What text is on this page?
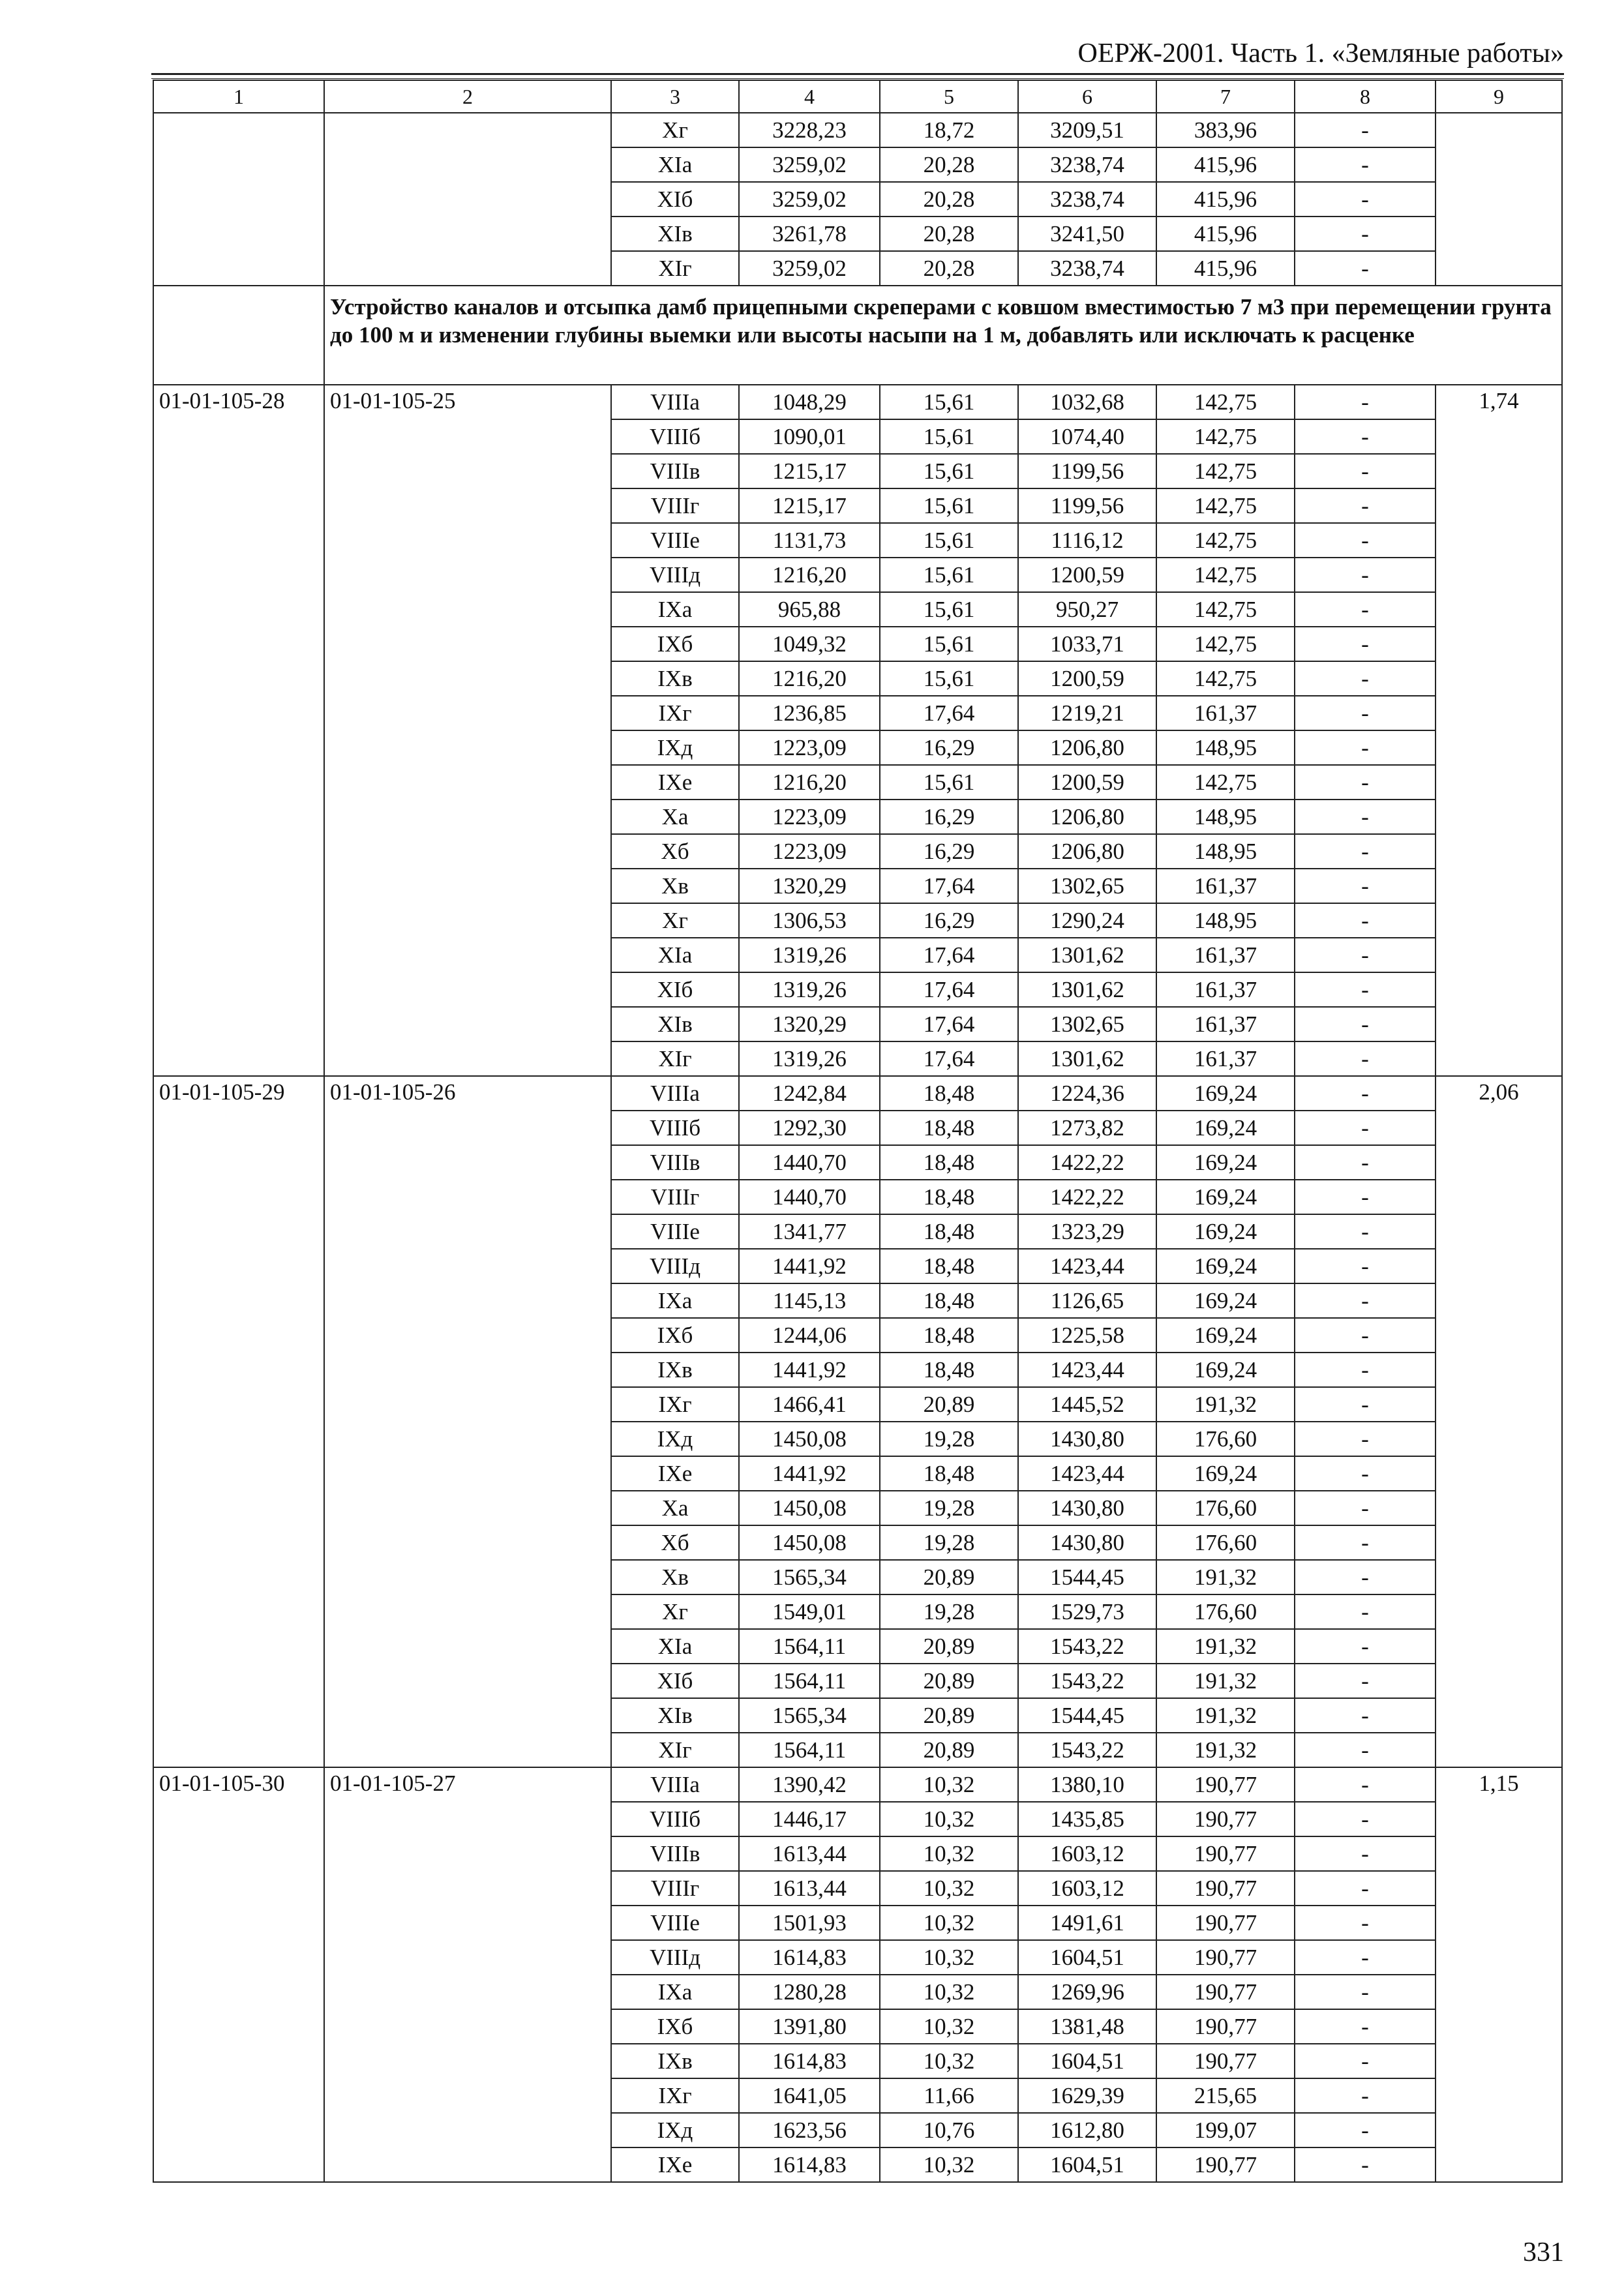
ОЕРЖ-2001. Часть 1. «Земляные работы»
1	2	3	4	5	6	7	8	9
		Xг	3228,23	18,72	3209,51	383,96	-	
		XIа	3259,02	20,28	3238,74	415,96	-	
		XIб	3259,02	20,28	3238,74	415,96	-	
		XIв	3261,78	20,28	3241,50	415,96	-	
		XIг	3259,02	20,28	3238,74	415,96	-	
	Устройство каналов и отсыпка дамб прицепными скреперами с ковшом вместимостью 7 м3 при перемещении грунта до 100 м и изменении глубины выемки или высоты насыпи на 1 м, добавлять или исключать к расценке							
01-01-105-28	01-01-105-25	VIIIа	1048,29	15,61	1032,68	142,75	-	1,74
		VIIIб	1090,01	15,61	1074,40	142,75	-	
		VIIIв	1215,17	15,61	1199,56	142,75	-	
		VIIIг	1215,17	15,61	1199,56	142,75	-	
		VIIIе	1131,73	15,61	1116,12	142,75	-	
		VIIIд	1216,20	15,61	1200,59	142,75	-	
		IXа	965,88	15,61	950,27	142,75	-	
		IXб	1049,32	15,61	1033,71	142,75	-	
		IXв	1216,20	15,61	1200,59	142,75	-	
		IXг	1236,85	17,64	1219,21	161,37	-	
		IXд	1223,09	16,29	1206,80	148,95	-	
		IXе	1216,20	15,61	1200,59	142,75	-	
		Xа	1223,09	16,29	1206,80	148,95	-	
		Xб	1223,09	16,29	1206,80	148,95	-	
		Xв	1320,29	17,64	1302,65	161,37	-	
		Xг	1306,53	16,29	1290,24	148,95	-	
		XIа	1319,26	17,64	1301,62	161,37	-	
		XIб	1319,26	17,64	1301,62	161,37	-	
		XIв	1320,29	17,64	1302,65	161,37	-	
		XIг	1319,26	17,64	1301,62	161,37	-	
01-01-105-29	01-01-105-26	VIIIа	1242,84	18,48	1224,36	169,24	-	2,06
		VIIIб	1292,30	18,48	1273,82	169,24	-	
		VIIIв	1440,70	18,48	1422,22	169,24	-	
		VIIIг	1440,70	18,48	1422,22	169,24	-	
		VIIIе	1341,77	18,48	1323,29	169,24	-	
		VIIIд	1441,92	18,48	1423,44	169,24	-	
		IXа	1145,13	18,48	1126,65	169,24	-	
		IXб	1244,06	18,48	1225,58	169,24	-	
		IXв	1441,92	18,48	1423,44	169,24	-	
		IXг	1466,41	20,89	1445,52	191,32	-	
		IXд	1450,08	19,28	1430,80	176,60	-	
		IXе	1441,92	18,48	1423,44	169,24	-	
		Xа	1450,08	19,28	1430,80	176,60	-	
		Xб	1450,08	19,28	1430,80	176,60	-	
		Xв	1565,34	20,89	1544,45	191,32	-	
		Xг	1549,01	19,28	1529,73	176,60	-	
		XIа	1564,11	20,89	1543,22	191,32	-	
		XIб	1564,11	20,89	1543,22	191,32	-	
		XIв	1565,34	20,89	1544,45	191,32	-	
		XIг	1564,11	20,89	1543,22	191,32	-	
01-01-105-30	01-01-105-27	VIIIа	1390,42	10,32	1380,10	190,77	-	1,15
		VIIIб	1446,17	10,32	1435,85	190,77	-	
		VIIIв	1613,44	10,32	1603,12	190,77	-	
		VIIIг	1613,44	10,32	1603,12	190,77	-	
		VIIIе	1501,93	10,32	1491,61	190,77	-	
		VIIIд	1614,83	10,32	1604,51	190,77	-	
		IXа	1280,28	10,32	1269,96	190,77	-	
		IXб	1391,80	10,32	1381,48	190,77	-	
		IXв	1614,83	10,32	1604,51	190,77	-	
		IXг	1641,05	11,66	1629,39	215,65	-	
		IXд	1623,56	10,76	1612,80	199,07	-	
		IXе	1614,83	10,32	1604,51	190,77	-	
331
